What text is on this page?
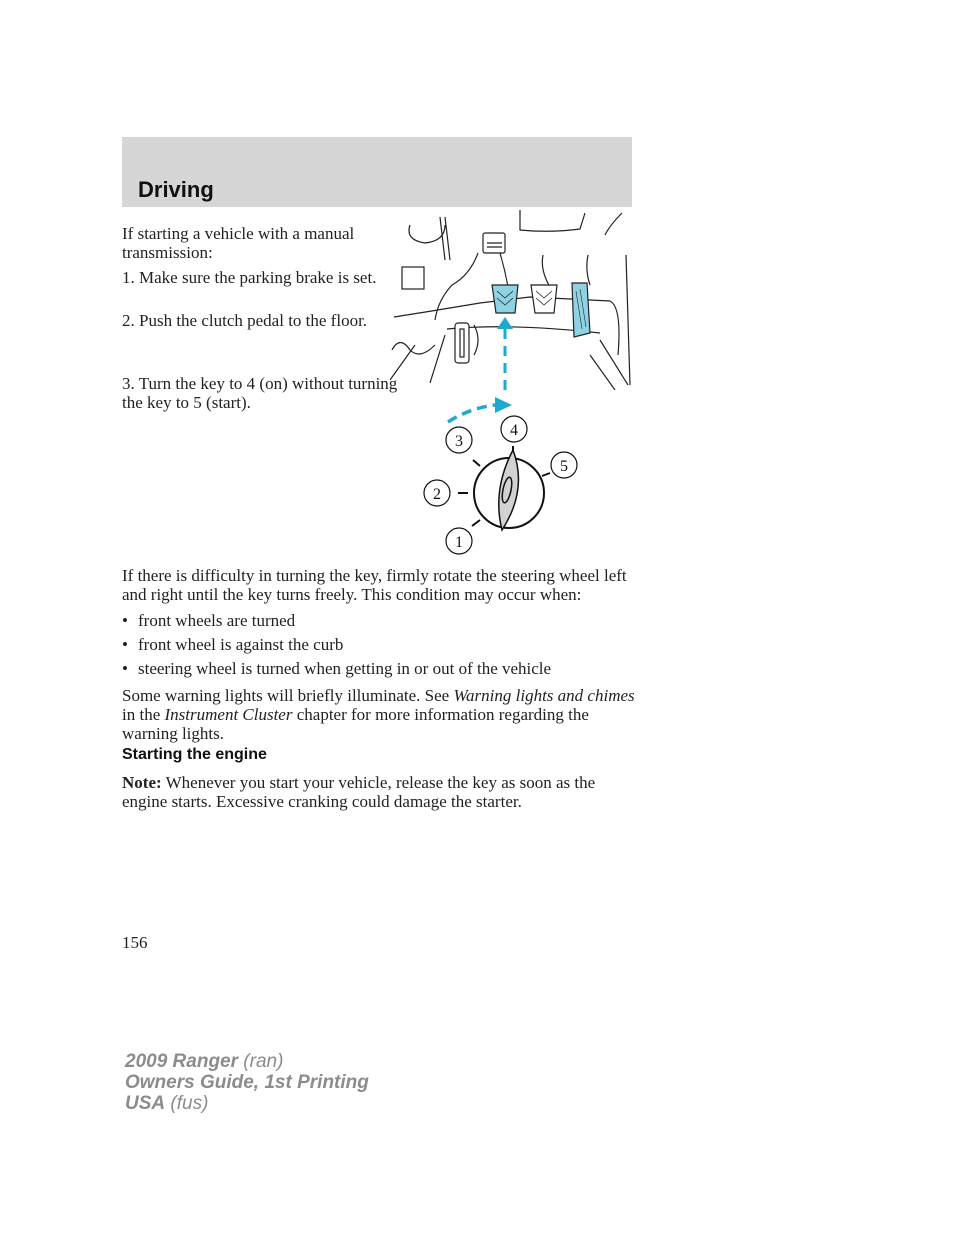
Driving
If starting a vehicle with a manual transmission:
1. Make sure the parking brake is set.
2. Push the clutch pedal to the floor.
3. Turn the key to 4 (on) without turning the key to 5 (start).
3
2
1
4
5
If there is difficulty in turning the key, firmly rotate the steering wheel left and right until the key turns freely. This condition may occur when:
• front wheels are turned
• front wheel is against the curb
• steering wheel is turned when getting in or out of the vehicle
Some warning lights will briefly illuminate. See Warning lights and chimes in the Instrument Cluster chapter for more information regarding the warning lights.
Starting the engine
Note: Whenever you start your vehicle, release the key as soon as the engine starts. Excessive cranking could damage the starter.
156
2009 Ranger (ran)
Owners Guide, 1st Printing
USA (fus)
